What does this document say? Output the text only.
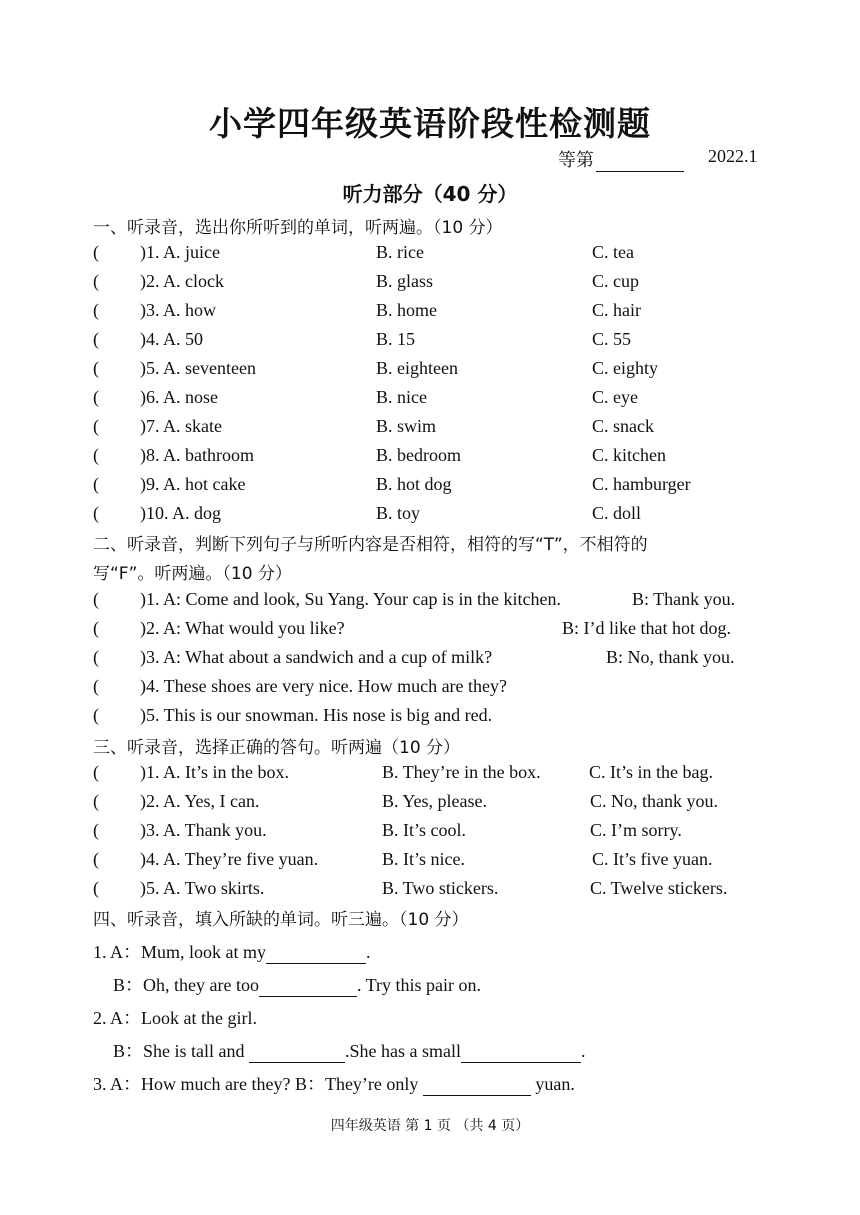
小学四年级英语阶段性检测题
等第	2022.1
听力部分（40 分）
一、听录音，选出你所听到的单词，听两遍。（10 分）
( )1. A. juice	B. rice	C. tea
( )2. A. clock	B. glass	C. cup
( )3. A. how	B. home	C. hair
( )4. A. 50	B. 15	C. 55
( )5. A. seventeen	B. eighteen	C. eighty
( )6. A. nose	B. nice	C. eye
( )7. A. skate	B. swim	C. snack
( )8. A. bathroom	B. bedroom	C. kitchen
( )9. A. hot cake	B. hot dog	C. hamburger
( )10. A. dog	B. toy	C. doll
二、听录音，判断下列句子与所听内容是否相符，相符的写“T”，不相符的
写“F”。听两遍。（10 分）
( )1. A: Come and look, Su Yang. Your cap is in the kitchen.	B: Thank you.
( )2. A: What would you like?	B: I’d like that hot dog.
( )3. A: What about a sandwich and a cup of milk?	B: No, thank you.
( )4. These shoes are very nice. How much are they?
( )5. This is our snowman. His nose is big and red.
三、听录音，选择正确的答句。听两遍（10 分）
( )1. A. It’s in the box.	B. They’re in the box.	C. It’s in the bag.
( )2. A. Yes, I can.	B. Yes, please.	C. No, thank you.
( )3. A. Thank you.	B. It’s cool.	C. I’m sorry.
( )4. A. They’re five yuan.	B. It’s nice.	C. It’s five yuan.
( )5. A. Two skirts.	B. Two stickers.	C. Twelve stickers.
四、听录音，填入所缺的单词。听三遍。（10 分）
1. A：Mum, look at my	.
B：Oh, they are too	. Try this pair on.
2. A：Look at the girl.
B：She is tall and	.She has a small	.
3. A：How much are they? B：They’re only	yuan.
四年级英语 第 1 页 （共 4 页）
